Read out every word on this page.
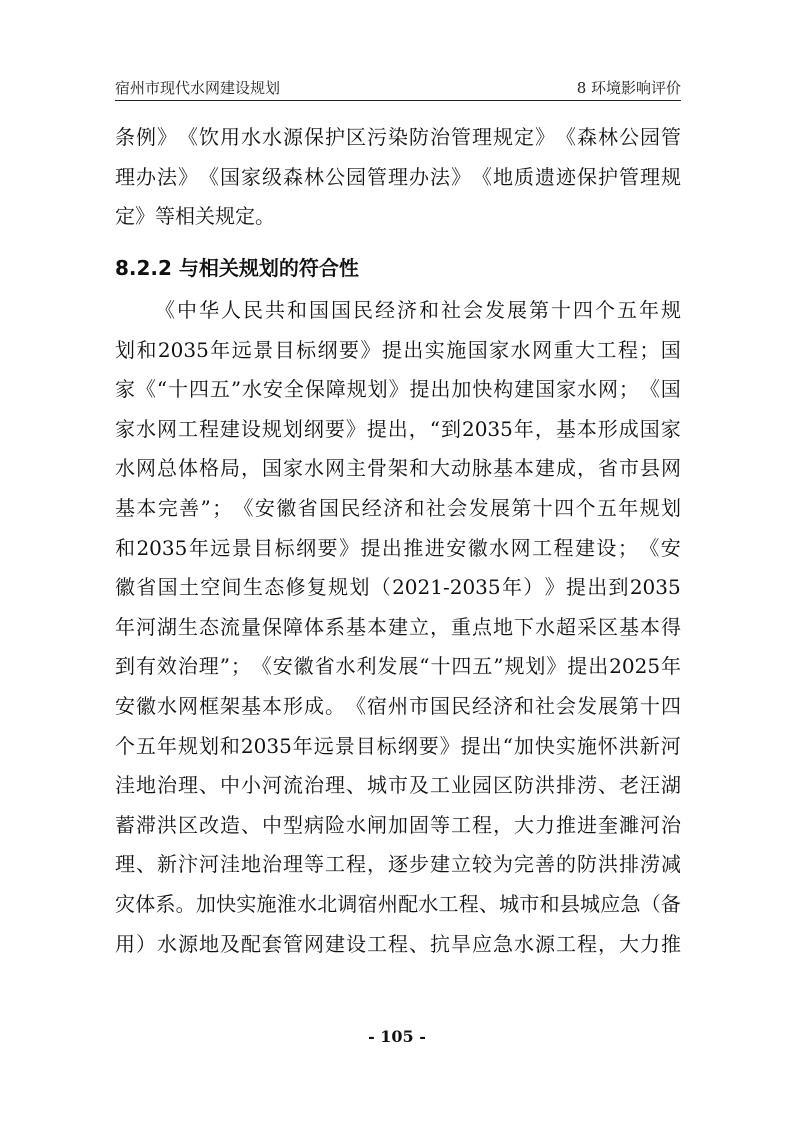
宿州市现代水网建设规划	8 环境影响评价
条 例 》 《 饮 用 水 水 源 保 护 区 污 染 防 治 管 理 规 定 》 《 森 林 公 园 管
理 办 法 》 《 国 家 级 森 林 公 园 管 理 办 法 》 《 地 质 遗 迹 保 护 管 理 规
定》等相关规定。
8.2.2 与相关规划的符合性
《 中 华 人 民 共 和 国 国 民 经 济 和 社 会 发 展 第 十 四 个 五 年 规
划 和 2035 年 远 景 目 标 纲 要 》 提 出 实 施 国 家 水 网 重 大 工 程 ； 国
家 《 “ 十 四 五 ” 水 安 全 保 障 规 划 》 提 出 加 快 构 建 国 家 水 网 ； 《 国
家 水 网 工 程 建 设 规 划 纲 要 》 提 出 ， “ 到 2035 年 ， 基 本 形 成 国 家
水 网 总 体 格 局 ， 国 家 水 网 主 骨 架 和 大 动 脉 基 本 建 成 ， 省 市 县 网
基 本 完 善 ” ； 《 安 徽 省 国 民 经 济 和 社 会 发 展 第 十 四 个 五 年 规 划
和 2035 年 远 景 目 标 纲 要 》 提 出 推 进 安 徽 水 网 工 程 建 设 ； 《 安
徽 省 国 土 空 间 生 态 修 复 规 划 （ 2021-2035 年 ） 》 提 出 到 2035
年 河 湖 生 态 流 量 保 障 体 系 基 本 建 立 ， 重 点 地 下 水 超 采 区 基 本 得
到 有 效 治 理 ” ； 《 安 徽 省 水 利 发 展 “ 十 四 五 ” 规 划 》 提 出 2025 年
安 徽 水 网 框 架 基 本 形 成 。 《 宿 州 市 国 民 经 济 和 社 会 发 展 第 十 四
个 五 年 规 划 和 2035 年 远 景 目 标 纲 要 》 提 出 “ 加 快 实 施 怀 洪 新 河
洼 地 治 理 、 中 小 河 流 治 理 、 城 市 及 工 业 园 区 防 洪 排 涝 、 老 汪 湖
蓄 滞 洪 区 改 造 、 中 型 病 险 水 闸 加 固 等 工 程 ， 大 力 推 进 奎 濉 河 治
理 、 新 汴 河 洼 地 治 理 等 工 程 ， 逐 步 建 立 较 为 完 善 的 防 洪 排 涝 减
灾 体 系 。 加 快 实 施 淮 水 北 调 宿 州 配 水 工 程 、 城 市 和 县 城 应 急 （ 备
用 ） 水 源 地 及 配 套 管 网 建 设 工 程 、 抗 旱 应 急 水 源 工 程 ， 大 力 推
- 105 -
